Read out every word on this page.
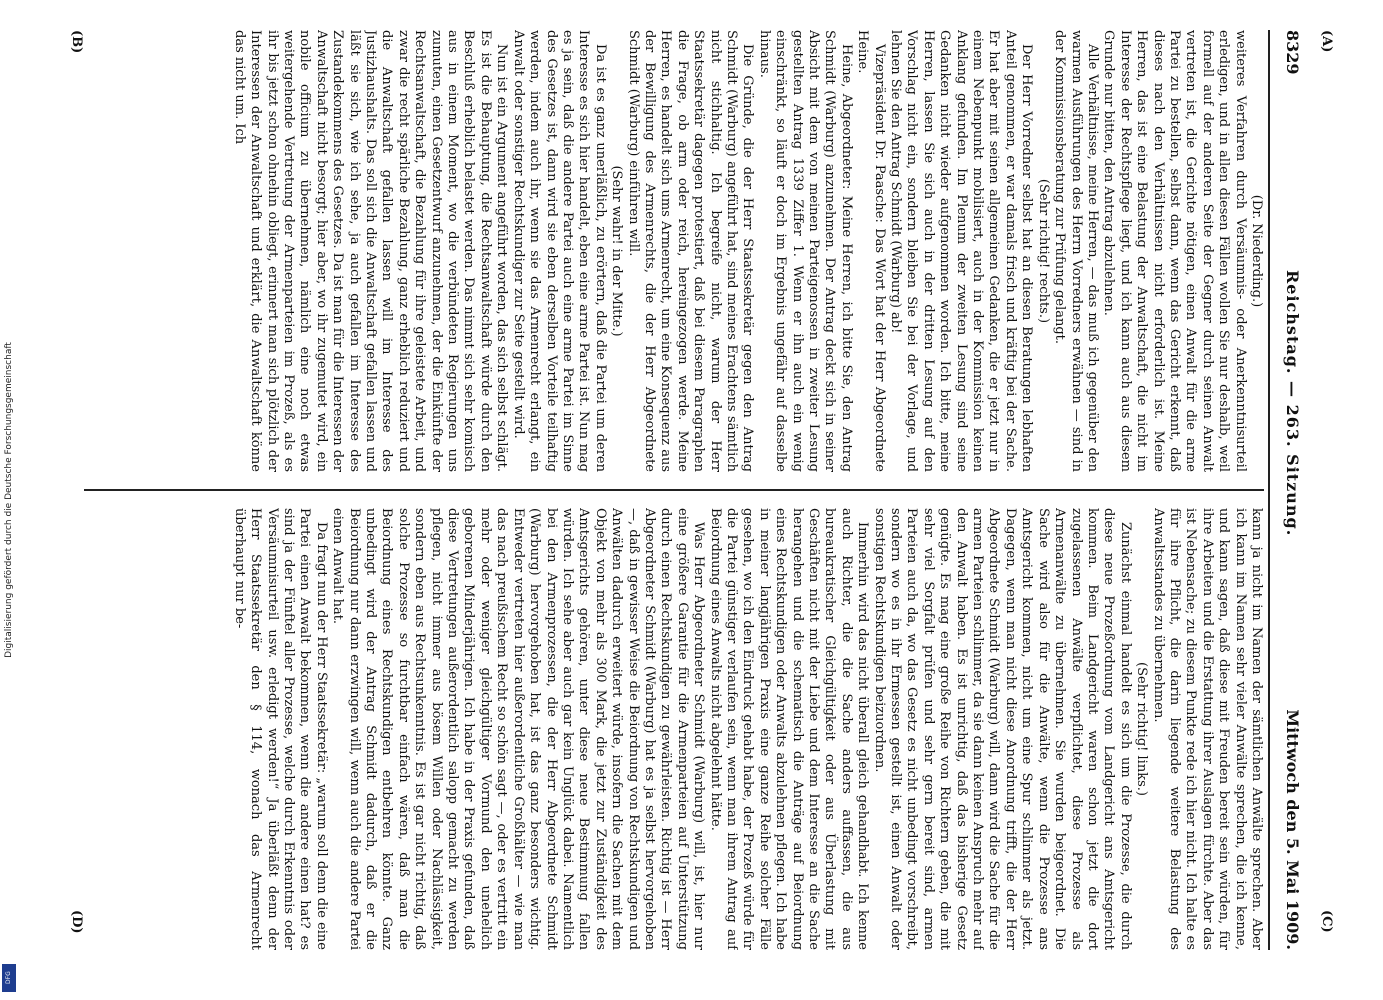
Digitalisierung gefördert durch die Deutsche Forschungsgemeinschaft
DFG
8329
Reichstag. — 263. Sitzung.
Mittwoch den 5. Mai 1909.

(Dr. Niederding.)

weiteres Verfahren durch Versäumnis- oder Anerkenntnisurteil erledigen, und in allen diesen Fällen wollen Sie nur deshalb, weil formell auf der anderen Seite der Gegner durch seinen Anwalt vertreten ist, die Gerichte nötigen, einen Anwalt für die arme Partei zu bestellen, selbst dann, wenn das Gericht erkennt, daß dieses nach den Verhältnissen nicht erforderlich ist. Meine Herren, das ist eine Belastung der Anwaltschaft, die nicht im Interesse der Rechtspflege liegt, und ich kann auch aus diesem Grunde nur bitten, den Antrag abzulehnen.

Alle Verhältnisse, meine Herren, — das muß ich gegenüber den warmen Ausführungen des Herrn Vorredners erwähnen — sind in der Kommissionsberatung zur Prüfung gelangt.

(Sehr richtig! rechts.)

Der Herr Vorredner selbst hat an diesen Beratungen lebhaften Anteil genommen, er war damals frisch und kräftig bei der Sache. Er hat aber mit seinen allgemeinen Gedanken, die er jetzt nur in einem Nebenpunkt mobilisiert, auch in der Kommission keinen Anklang gefunden. Im Plenum der zweiten Lesung sind seine Gedanken nicht wieder aufgenommen worden. Ich bitte, meine Herren, lassen Sie sich auch in der dritten Lesung auf den Vorschlag nicht ein, sondern bleiben Sie bei der Vorlage, und lehnen Sie den Antrag Schmidt (Warburg) ab!

Vizepräsident Dr. Paasche: Das Wort hat der Herr Abgeordnete Heine.

Heine, Abgeordneter: Meine Herren, ich bitte Sie, den Antrag Schmidt (Warburg) anzunehmen. Der Antrag deckt sich in seiner Absicht mit dem von meinen Parteigenossen in zweiter Lesung gestellten Antrag 1339 Ziffer 1. Wenn er ihn auch ein wenig einschränkt, so läuft er doch im Ergebnis ungefähr auf dasselbe hinaus.

Die Gründe, die der Herr Staatssekretär gegen den Antrag Schmidt (Warburg) angeführt hat, sind meines Erachtens sämtlich nicht stichhaltig. Ich begreife nicht, warum der Herr Staatssekretär dagegen protestiert, daß bei diesem Paragraphen die Frage, ob arm oder reich, hereingezogen werde. Meine Herren, es handelt sich ums Armenrecht, um eine Konsequenz aus der Bewilligung des Armenrechts, die der Herr Abgeordnete Schmidt (Warburg) einführen will.

(Sehr wahr! in der Mitte.)

Da ist es ganz unerläßlich, zu erörtern, daß die Partei um deren Interesse es sich hier handelt, eben eine arme Partei ist. Nun mag es ja sein, daß die andere Partei auch eine arme Partei im Sinne des Gesetzes ist, dann wird sie eben derselben Vorteile teilhaftig werden, indem auch ihr, wenn sie das Armenrecht erlangt, ein Anwalt oder sonstiger Rechtskundiger zur Seite gestellt wird.

Nun ist ein Argument angeführt worden, das sich selbst schlägt. Es ist die Behauptung, die Rechtsanwaltschaft würde durch den Beschluß erheblich belastet werden. Das nimmt sich sehr komisch aus in einem Moment, wo die verbündeten Regierungen uns zumuten, einen Gesetzentwurf anzunehmen, der die Einkünfte der Rechtsanwaltschaft, die Bezahlung für ihre geleistete Arbeit, und zwar die recht spärliche Bezahlung, ganz erheblich reduziert und die Anwaltschaft gefallen lassen will im Interesse des Justizhaushalts. Das soll sich die Anwaltschaft gefallen lassen und läßt sie sich, wie ich sehe, ja auch gefallen im Interesse des Zustandekommens des Gesetzes. Da ist man für die Interessen der Anwaltschaft nicht besorgt; hier aber, wo ihr zugemutet wird, ein nobile officium zu übernehmen, nämlich eine noch etwas weitergehende Vertretung der Armenparteien im Prozeß, als es ihr bis jetzt schon ohnehin obliegt, erinnert man sich plötzlich der Interessen der Anwaltschaft und erklärt, die Anwaltschaft könne das nicht um. Ich

kann ja nicht im Namen der sämtlichen Anwälte sprechen. Aber ich kann im Namen sehr vieler Anwälte sprechen, die ich kenne, und kann sagen, daß diese mit Freuden bereit sein würden, für ihre Arbeiten und die Erstattung ihrer Auslagen fürchte. Aber das ist Nebensache; zu diesem Punkte rede ich hier nicht. Ich halte es für ihre Pflicht, die darin liegende weitere Belastung des Anwaltsstandes zu übernehmen.

(Sehr richtig! links.)

Zunächst einmal handelt es sich um die Prozesse, die durch diese neue Prozeßordnung vom Landgericht ans Amtsgericht kommen. Beim Landgericht waren schon jetzt die dort zugelassenen Anwälte verpflichtet, diese Prozesse als Armenanwälte zu übernehmen. Sie wurden beigeordnet. Die Sache wird also für die Anwälte, wenn die Prozesse ans Amtsgericht kommen, nicht um eine Spur schlimmer als jetzt. Dagegen, wenn man nicht diese Anordnung trifft, die der Herr Abgeordnete Schmidt (Warburg) will, dann wird die Sache für die armen Parteien schlimmer, da sie dann keinen Anspruch mehr auf den Anwalt haben. Es ist unrichtig, daß das bisherige Gesetz genügte. Es mag eine große Reihe von Richtern geben, die mit sehr viel Sorgfalt prüfen und sehr gern bereit sind, armen Parteien auch da, wo das Gesetz es nicht unbedingt vorschreibt, sondern wo es in ihr Ermessen gestellt ist, einen Anwalt oder sonstigen Rechtskundigen beizuordnen.

Immerhin wird das nicht überall gleich gehandhabt. Ich kenne auch Richter, die die Sache anders auffassen, die aus bureaukratischer Gleichgültigkeit oder aus Überlastung mit Geschäften nicht mit der Liebe und dem Interesse an die Sache herangehen und die schematisch die Anträge auf Beiordnung eines Rechtskundigen oder Anwalts abzulehnen pflegen. Ich habe in meiner langjährigen Praxis eine ganze Reihe solcher Fälle gesehen, wo ich den Eindruck gehabt habe, der Prozeß würde für die Partei günstiger verlaufen sein, wenn man ihrem Antrag auf Beiordnung eines Anwalts nicht abgelehnt hätte.

Was Herr Abgeordneter Schmidt (Warburg) will, ist, hier nur eine größere Garantie für die Armenparteien auf Unterstützung durch einen Rechtskundigen zu gewährleisten. Richtig ist — Herr Abgeordneter Schmidt (Warburg) hat es ja selbst hervorgehoben —, daß in gewisser Weise die Beiordnung von Rechtskundigen und Anwälten dadurch erweitert würde, insofern die Sachen mit dem Objekt von mehr als 300 Mark, die jetzt zur Zuständigkeit des Amtsgerichts gehören, unter diese neue Bestimmung fallen würden. Ich sehe aber auch gar kein Unglück dabei. Namentlich bei den Armenprozessen, die der Herr Abgeordnete Schmidt (Warburg) hervorgehoben hat, ist das ganz besonders wichtig. Entweder vertreten hier außerordentliche Großhälter — wie man das nach preußischem Recht so schön sagt —, oder es vertritt ein mehr oder weniger gleichgültiger Vormund den unehelich geborenen Minderjährigen. Ich habe in der Praxis gefunden, daß diese Vertretungen außerordentlich salopp gemacht zu werden pflegen, nicht immer aus bösem Willen oder Nachlässigkeit, sondern eben aus Rechtsunkenntnis. Es ist gar nicht richtig, daß solche Prozesse so furchtbar einfach wären, daß man die Beiordnung eines Rechtskundigen entbehren könnte. Ganz unbedingt wird der Antrag Schmidt dadurch, daß er die Beiordnung nur dann erzwingen will, wenn auch die andere Partei einen Anwalt hat.

Da fragt nun der Herr Staatssekretär: „warum soll denn die eine Partei einen Anwalt bekommen, wenn die andere einen hat? es sind ja der Fünftel aller Prozesse, welche durch Erkenntnis oder Versäumnisurteil usw. erledigt werden!“ Ja überläßt denn der Herr Staatssekretär den § 114, wonach das Armenrecht überhaupt nur be-

(A)
(B)
(C)
(D)
